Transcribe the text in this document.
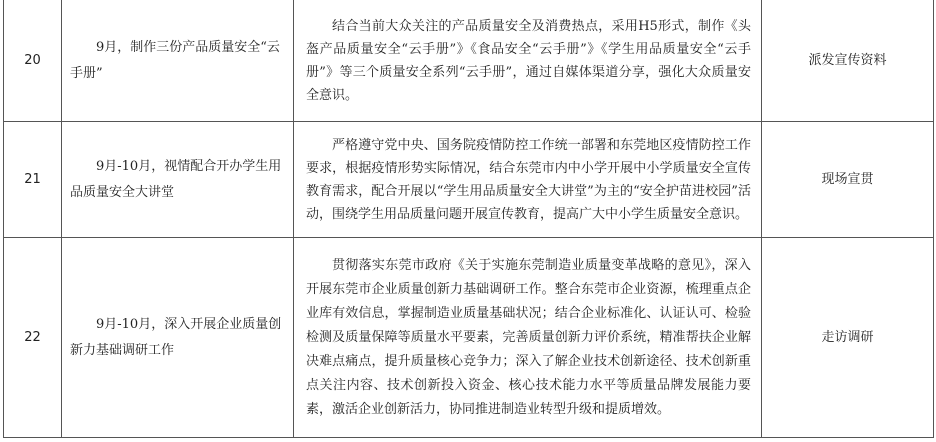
20	9月，制作三份产品质量安全“云手册”	结合当前大众关注的产品质量安全及消费热点，采用H5形式，制作《头盔产品质量安全“云手册”》《食品安全“云手册”》《学生用品质量安全“云手册”》等三个质量安全系列“云手册”，通过自媒体渠道分享，强化大众质量安全意识。	派发宣传资料
21	9月-10月，视情配合开办学生用品质量安全大讲堂	严格遵守党中央、国务院疫情防控工作统一部署和东莞地区疫情防控工作要求，根据疫情形势实际情况，结合东莞市内中小学开展中小学质量安全宣传教育需求，配合开展以“学生用品质量安全大讲堂”为主的“安全护苗进校园”活动，围绕学生用品质量问题开展宣传教育，提高广大中小学生质量安全意识。	现场宣贯
22	9月-10月，深入开展企业质量创新力基础调研工作	贯彻落实东莞市政府《关于实施东莞制造业质量变革战略的意见》，深入开展东莞市企业质量创新力基础调研工作。整合东莞市企业资源，梳理重点企业库有效信息，掌握制造业质量基础状况；结合企业标准化、认证认可、检验检测及质量保障等质量水平要素，完善质量创新力评价系统，精准帮扶企业解决难点痛点，提升质量核心竞争力；深入了解企业技术创新途径、技术创新重点关注内容、技术创新投入资金、核心技术能力水平等质量品牌发展能力要素，激活企业创新活力，协同推进制造业转型升级和提质增效。	走访调研
